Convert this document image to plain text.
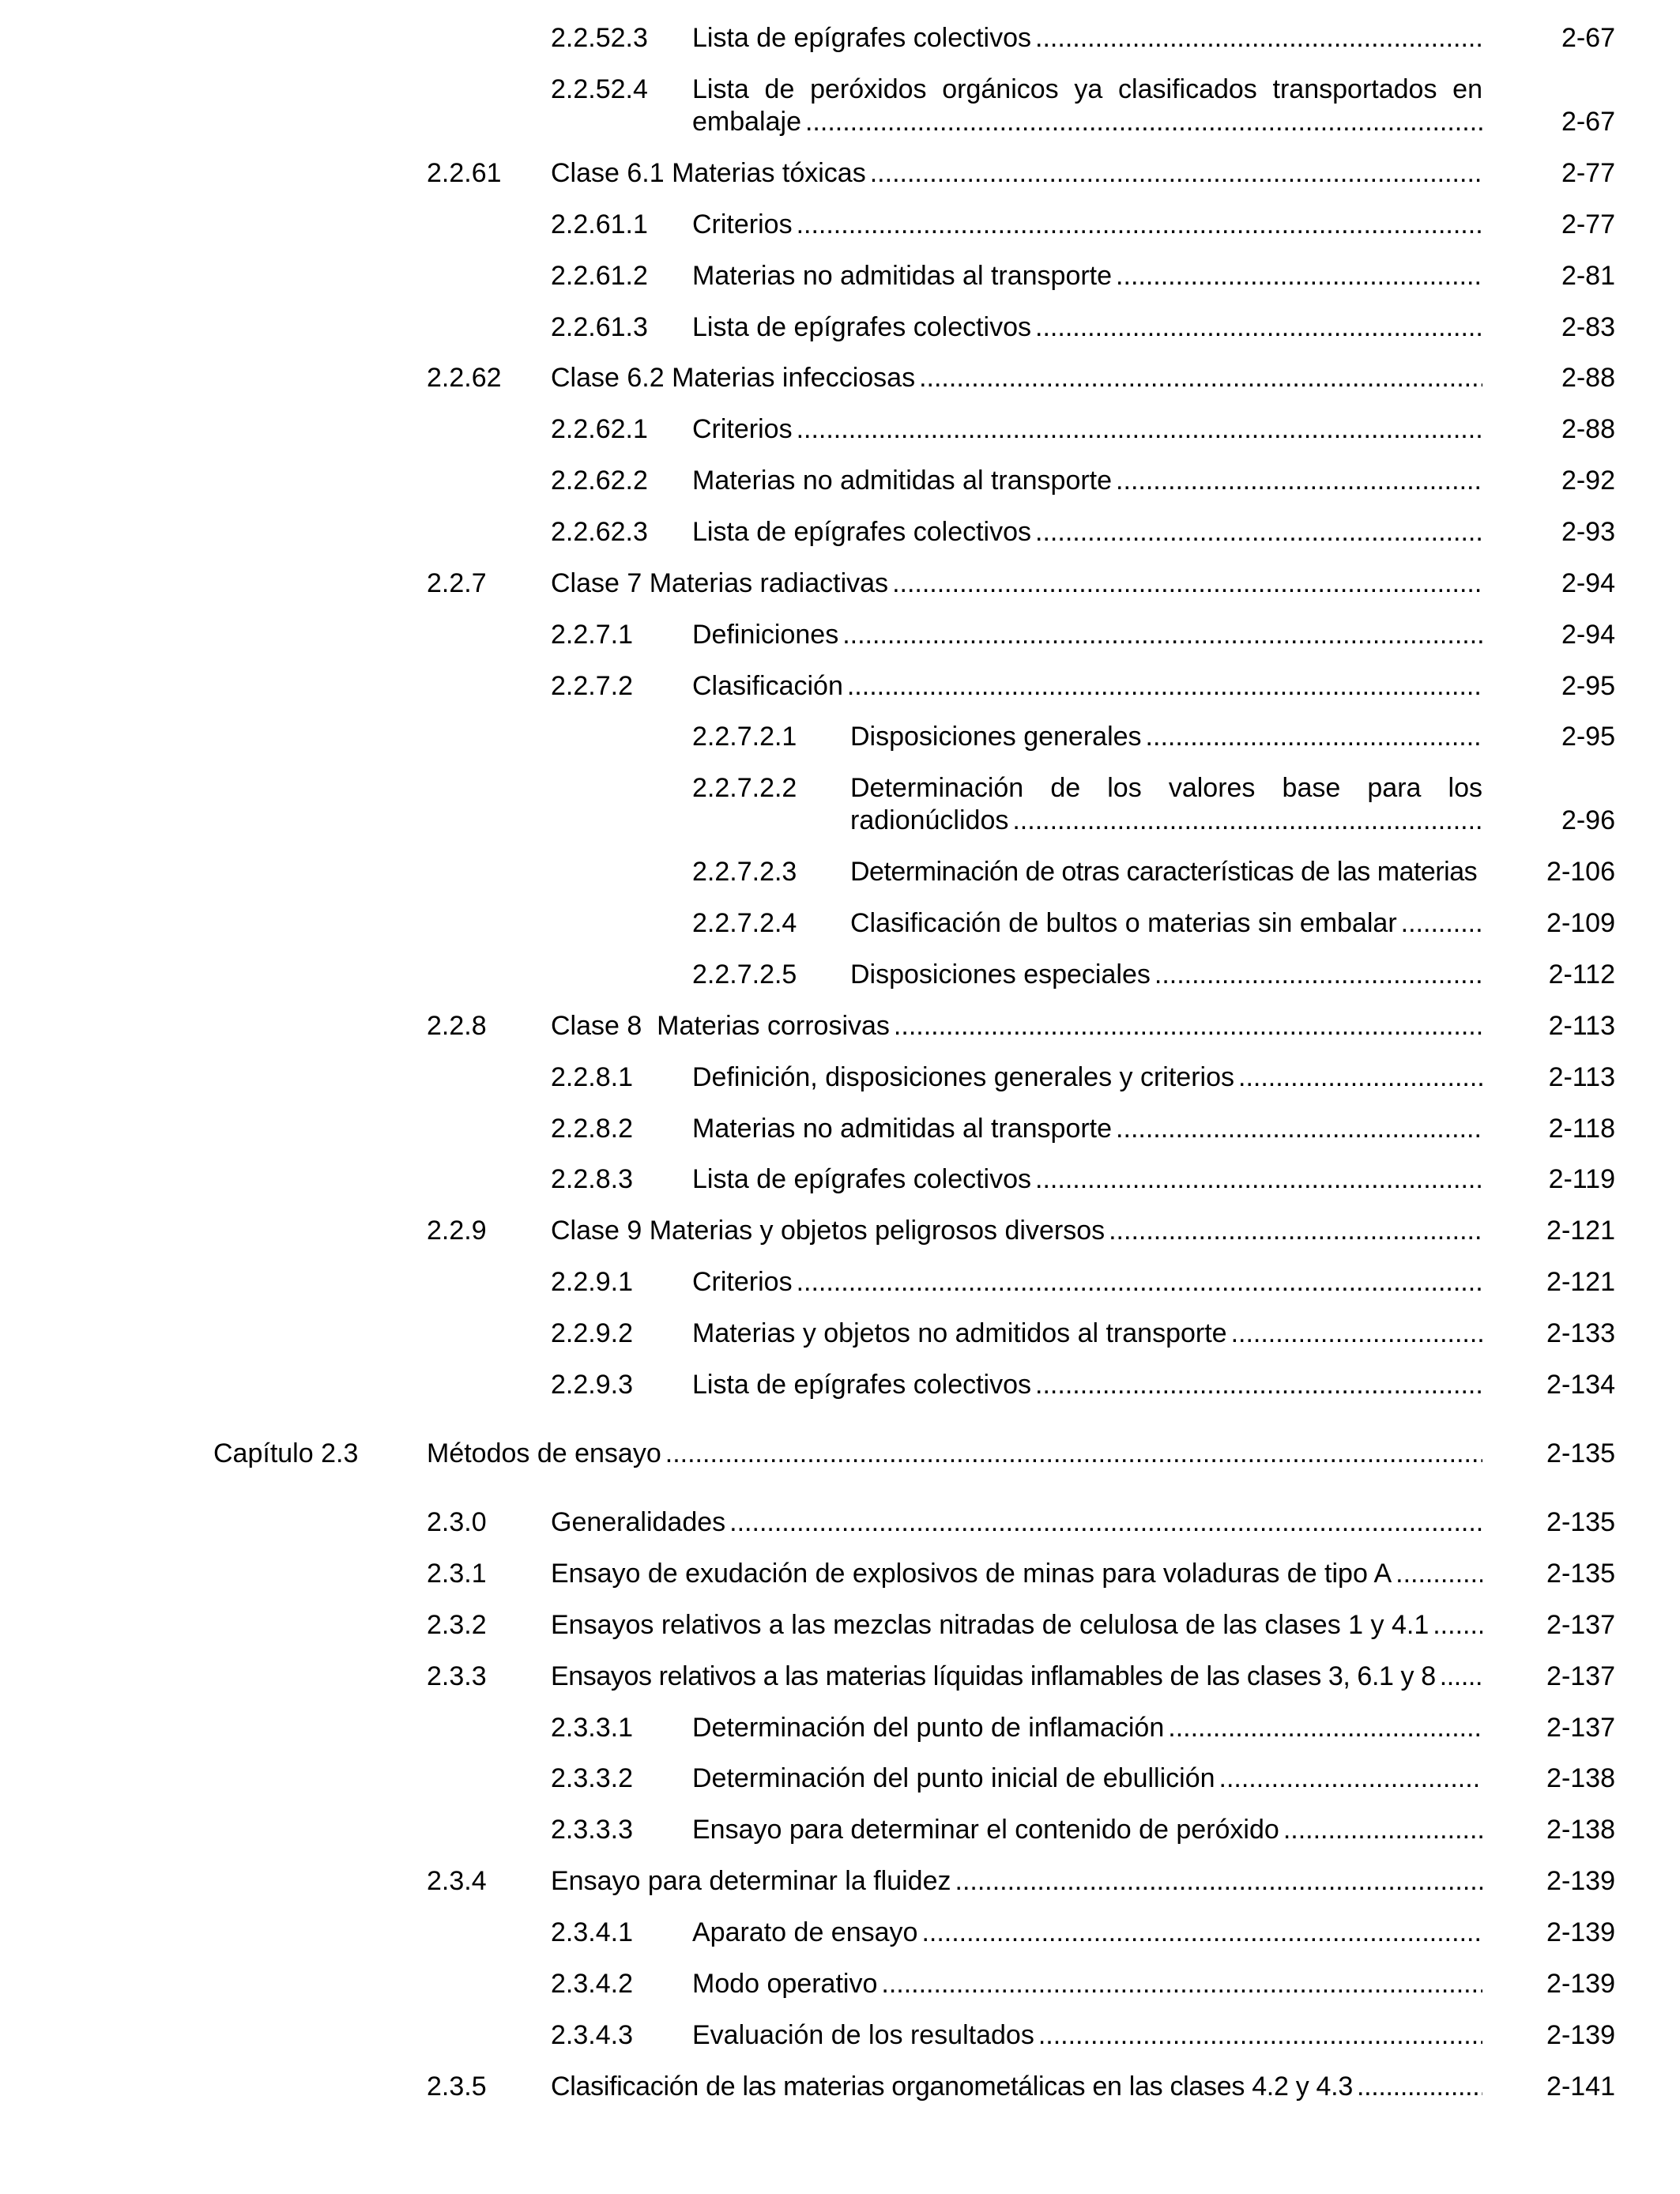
2.2.52.3 Lista de epígrafes colectivos .....	2-67
2.2.52.4 Lista de peróxidos orgánicos ya clasificados transportados en
embalaje .....	2-67
2.2.61 Clase 6.1 Materias tóxicas .....	2-77
2.2.61.1 Criterios .....	2-77
2.2.61.2 Materias no admitidas al transporte .....	2-81
2.2.61.3 Lista de epígrafes colectivos .....	2-83
2.2.62 Clase 6.2 Materias infecciosas .....	2-88
2.2.62.1 Criterios .....	2-88
2.2.62.2 Materias no admitidas al transporte .....	2-92
2.2.62.3 Lista de epígrafes colectivos .....	2-93
2.2.7 Clase 7 Materias radiactivas .....	2-94
2.2.7.1 Definiciones .....	2-94
2.2.7.2 Clasificación .....	2-95
2.2.7.2.1 Disposiciones generales .....	2-95
2.2.7.2.2 Determinación de los valores base para los
radionúclidos .....	2-96
2.2.7.2.3 Determinación de otras características de las materias	2-106
2.2.7.2.4 Clasificación de bultos o materias sin embalar .....	2-109
2.2.7.2.5 Disposiciones especiales .....	2-112
2.2.8 Clase 8  Materias corrosivas .....	2-113
2.2.8.1 Definición, disposiciones generales y criterios .....	2-113
2.2.8.2 Materias no admitidas al transporte .....	2-118
2.2.8.3 Lista de epígrafes colectivos .....	2-119
2.2.9 Clase 9 Materias y objetos peligrosos diversos .....	2-121
2.2.9.1 Criterios .....	2-121
2.2.9.2 Materias y objetos no admitidos al transporte .....	2-133
2.2.9.3 Lista de epígrafes colectivos .....	2-134
Capítulo 2.3	Métodos de ensayo .....	2-135
2.3.0 Generalidades .....	2-135
2.3.1 Ensayo de exudación de explosivos de minas para voladuras de tipo A .....	2-135
2.3.2 Ensayos relativos a las mezclas nitradas de celulosa de las clases 1 y 4.1 .....	2-137
2.3.3 Ensayos relativos a las materias líquidas inflamables de las clases 3, 6.1 y 8 .....	2-137
2.3.3.1 Determinación del punto de inflamación .....	2-137
2.3.3.2 Determinación del punto inicial de ebullición .....	2-138
2.3.3.3 Ensayo para determinar el contenido de peróxido .....	2-138
2.3.4 Ensayo para determinar la fluidez .....	2-139
2.3.4.1 Aparato de ensayo .....	2-139
2.3.4.2 Modo operativo .....	2-139
2.3.4.3 Evaluación de los resultados .....	2-139
2.3.5 Clasificación de las materias organometálicas en las clases 4.2 y 4.3 .....	2-141
